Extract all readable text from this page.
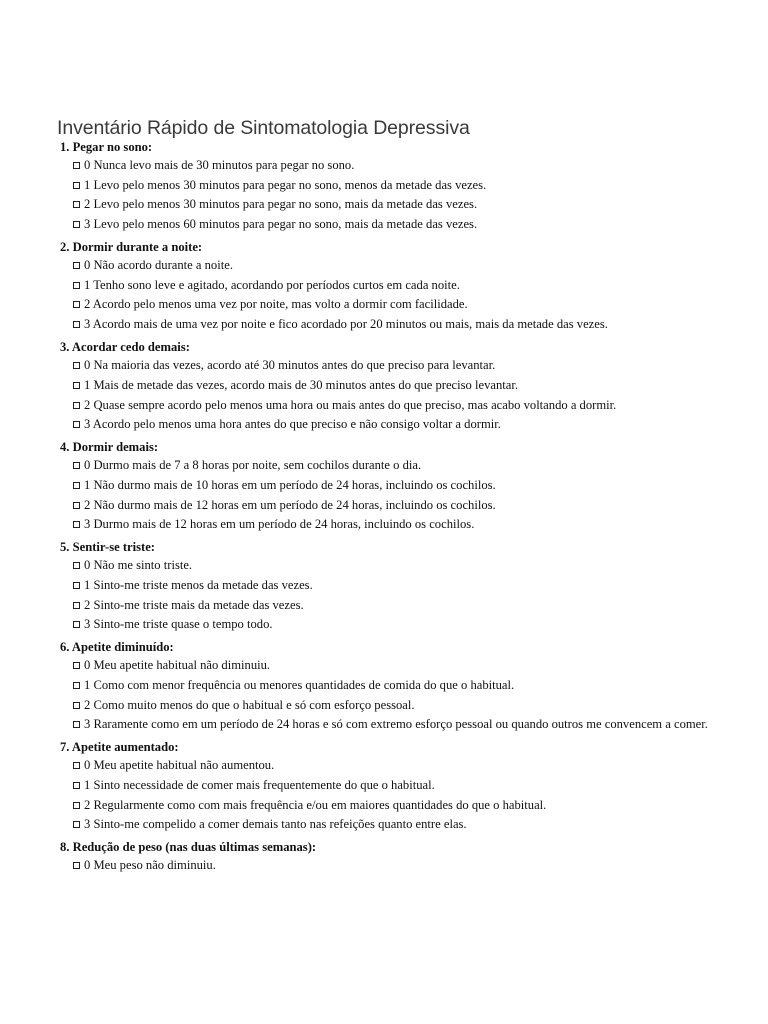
Inventário Rápido de Sintomatologia Depressiva

1. Pegar no sono:

0 Nunca levo mais de 30 minutos para pegar no sono.
1 Levo pelo menos 30 minutos para pegar no sono, menos da metade das vezes.
2 Levo pelo menos 30 minutos para pegar no sono, mais da metade das vezes.
3 Levo pelo menos 60 minutos para pegar no sono, mais da metade das vezes.

2. Dormir durante a noite:

0 Não acordo durante a noite.
1 Tenho sono leve e agitado, acordando por períodos curtos em cada noite.
2 Acordo pelo menos uma vez por noite, mas volto a dormir com facilidade.
3 Acordo mais de uma vez por noite e fico acordado por 20 minutos ou mais, mais da metade das vezes.

3. Acordar cedo demais:

0 Na maioria das vezes, acordo até 30 minutos antes do que preciso para levantar.
1 Mais de metade das vezes, acordo mais de 30 minutos antes do que preciso levantar.
2 Quase sempre acordo pelo menos uma hora ou mais antes do que preciso, mas acabo voltando a dormir.
3 Acordo pelo menos uma hora antes do que preciso e não consigo voltar a dormir.

4. Dormir demais:

0 Durmo mais de 7 a 8 horas por noite, sem cochilos durante o dia.
1 Não durmo mais de 10 horas em um período de 24 horas, incluindo os cochilos.
2 Não durmo mais de 12 horas em um período de 24 horas, incluindo os cochilos.
3 Durmo mais de 12 horas em um período de 24 horas, incluindo os cochilos.

5. Sentir-se triste:

0 Não me sinto triste.
1 Sinto-me triste menos da metade das vezes.
2 Sinto-me triste mais da metade das vezes.
3 Sinto-me triste quase o tempo todo.

6. Apetite diminuído:

0 Meu apetite habitual não diminuiu.
1 Como com menor frequência ou menores quantidades de comida do que o habitual.
2 Como muito menos do que o habitual e só com esforço pessoal.
3 Raramente como em um período de 24 horas e só com extremo esforço pessoal ou quando outros me convencem a comer.

7. Apetite aumentado:

0 Meu apetite habitual não aumentou.
1 Sinto necessidade de comer mais frequentemente do que o habitual.
2 Regularmente como com mais frequência e/ou em maiores quantidades do que o habitual.
3 Sinto-me compelido a comer demais tanto nas refeições quanto entre elas.

8. Redução de peso (nas duas últimas semanas):

0 Meu peso não diminuiu.
